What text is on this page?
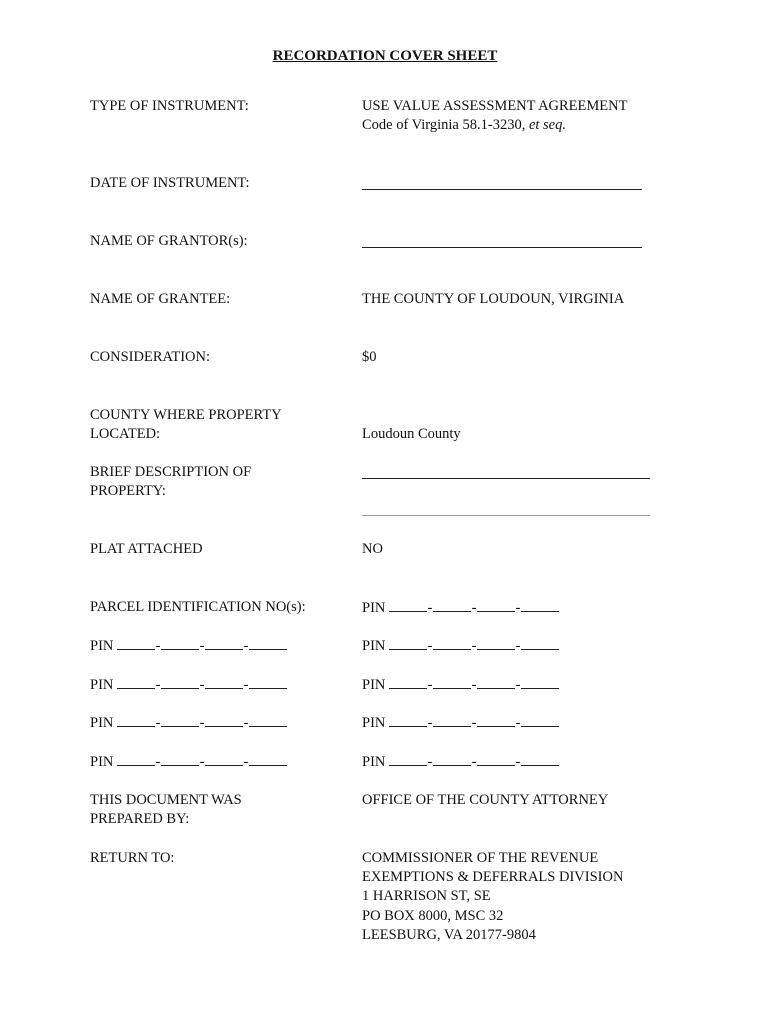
RECORDATION COVER SHEET
TYPE OF INSTRUMENT:	USE VALUE ASSESSMENT AGREEMENT
Code of Virginia 58.1-3230, et seq.
DATE OF INSTRUMENT:
NAME OF GRANTOR(s):
NAME OF GRANTEE:	THE COUNTY OF LOUDOUN, VIRGINIA
CONSIDERATION:	$0
COUNTY WHERE PROPERTY
LOCATED:	Loudoun County
BRIEF DESCRIPTION OF
PROPERTY:
PLAT ATTACHED	NO
PARCEL IDENTIFICATION NO(s):	PIN	-	-	-
PIN	-	-	-	PIN	-	-	-
PIN	-	-	-	PIN	-	-	-
PIN	-	-	-	PIN	-	-	-
PIN	-	-	-	PIN	-	-	-
THIS DOCUMENT WAS
PREPARED BY:
OFFICE OF THE COUNTY ATTORNEY
RETURN TO:	COMMISSIONER OF THE REVENUE
EXEMPTIONS & DEFERRALS DIVISION
1 HARRISON ST, SE
PO BOX 8000, MSC 32
LEESBURG, VA 20177-9804
